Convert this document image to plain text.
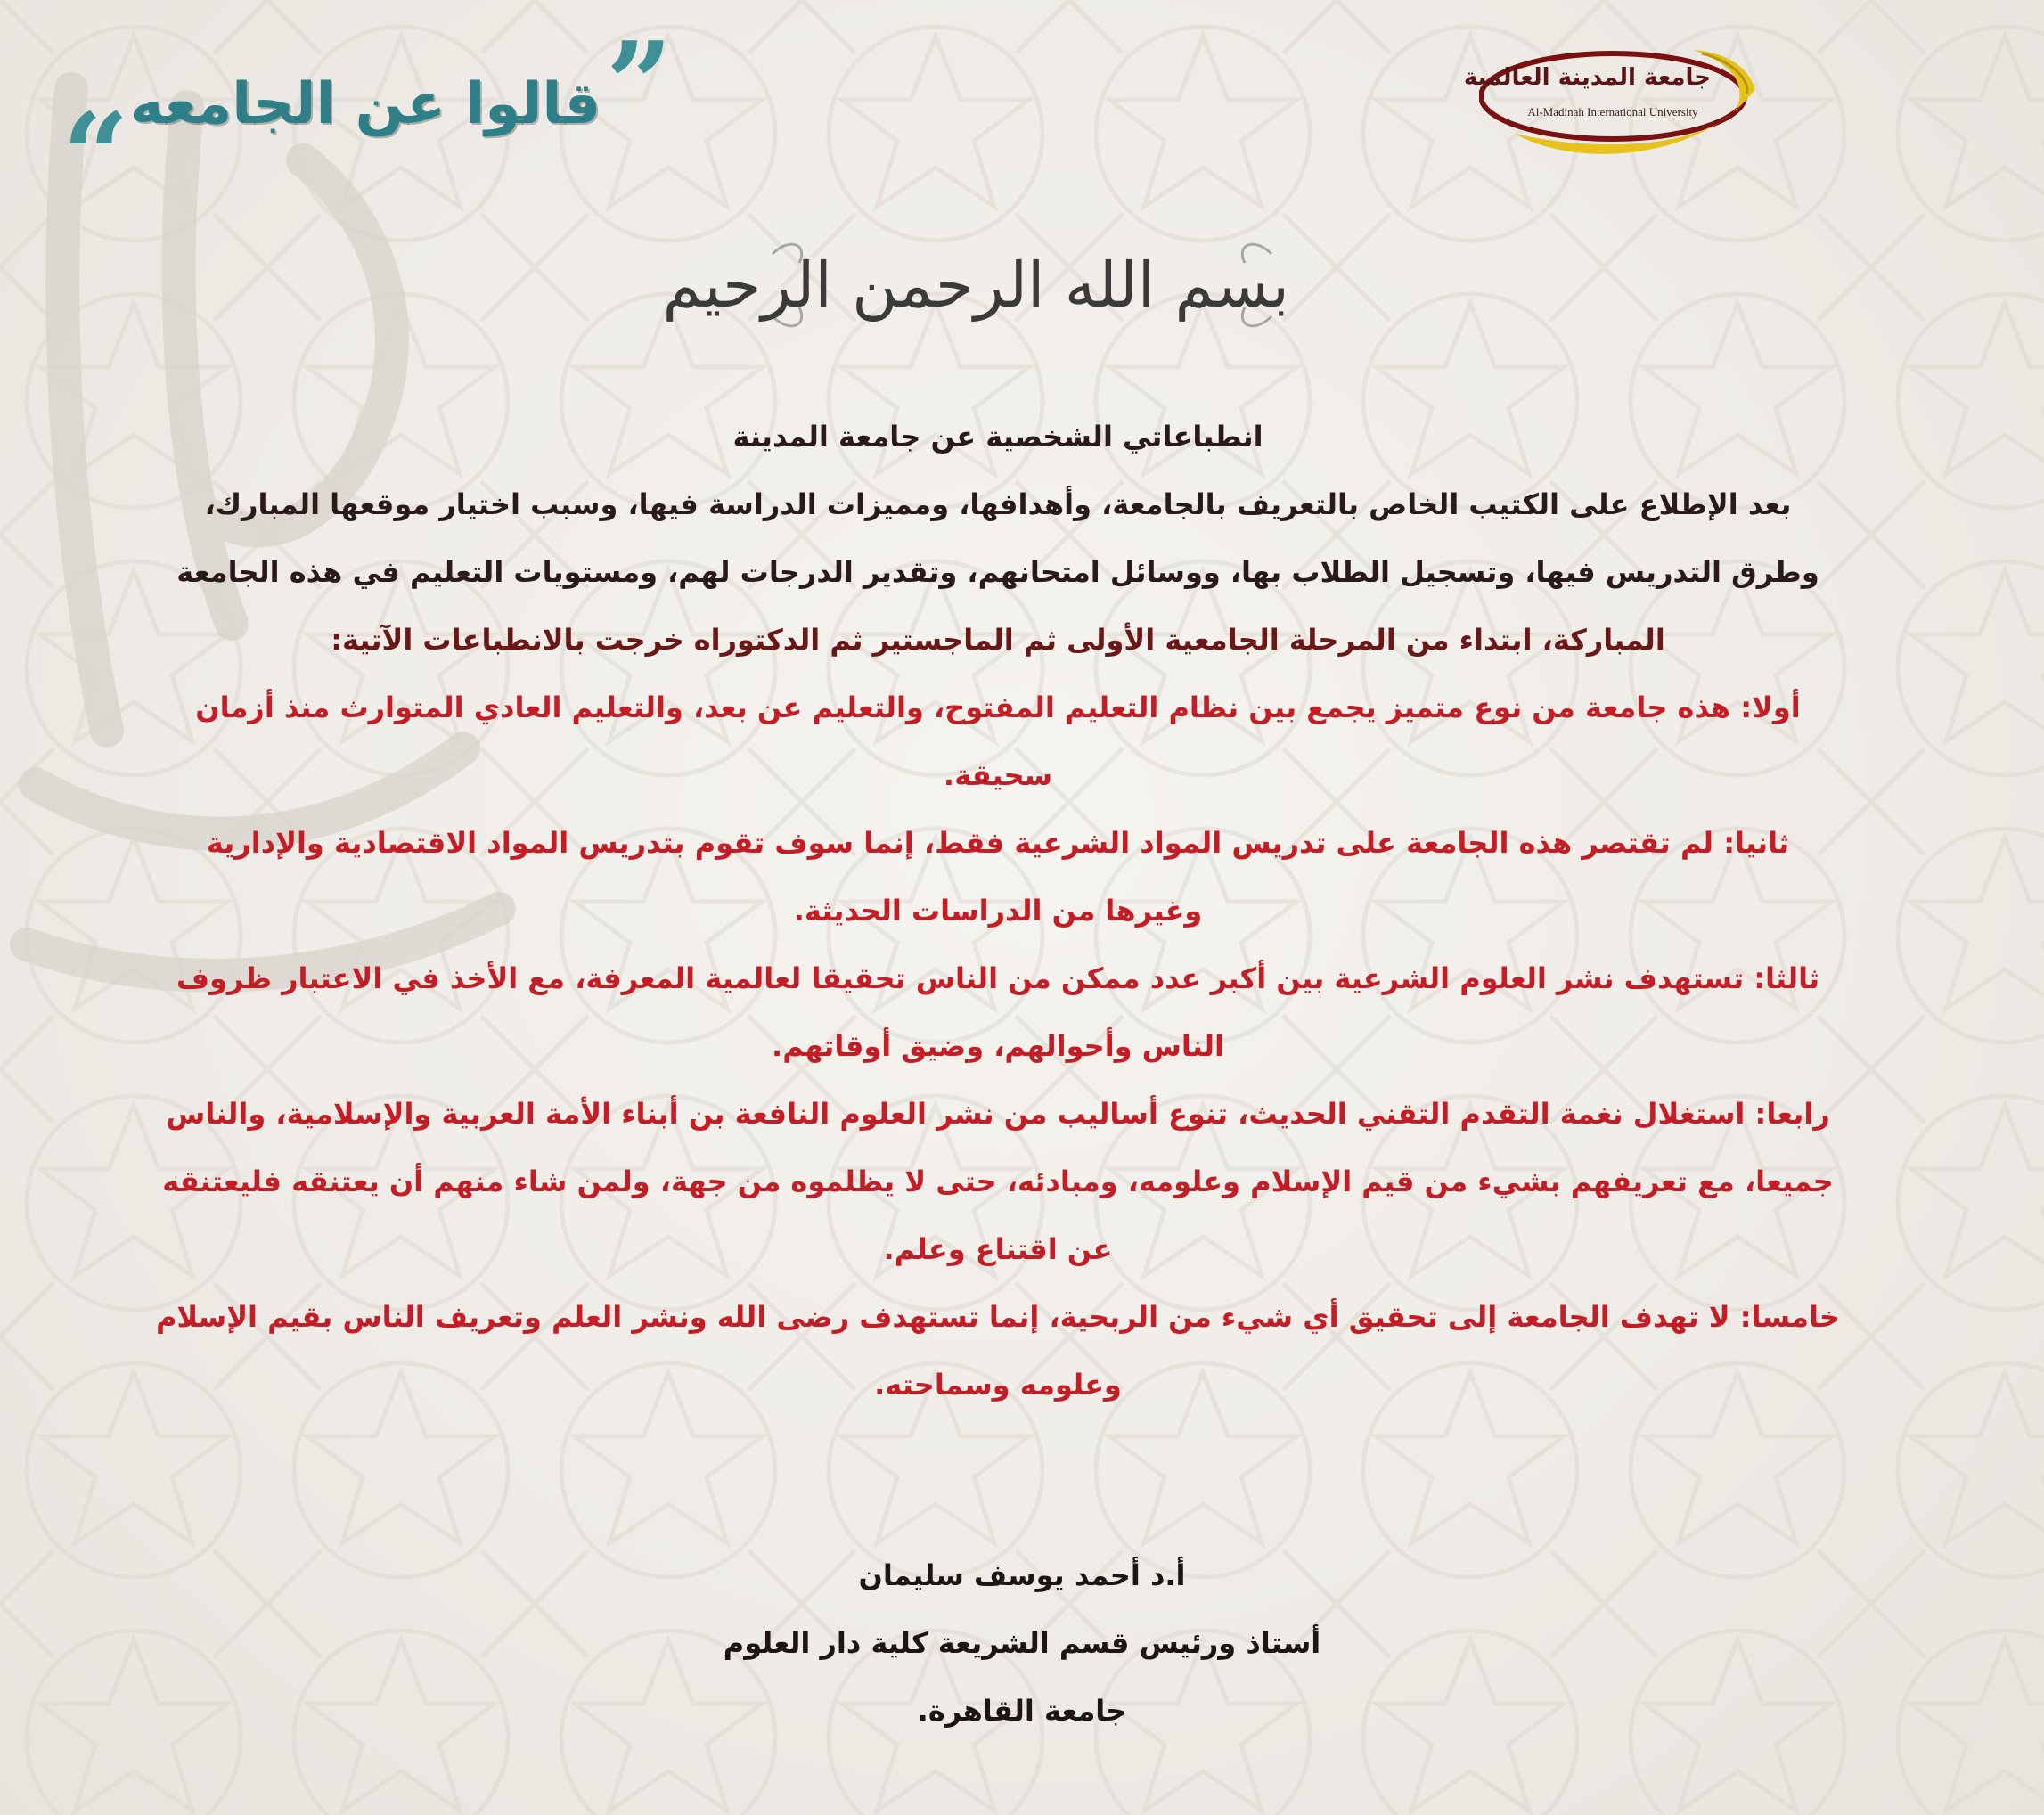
”
قالوا عن الجامعه
“
جامعة المدينة العالمية
Al-Madinah International University
بسم الله الرحمن الرحيم

انطباعاتي الشخصية عن جامعة المدينة

بعد الإطلاع على الكتيب الخاص بالتعريف بالجامعة، وأهدافها، ومميزات الدراسة فيها، وسبب اختيار موقعها المبارك،

وطرق التدريس فيها، وتسجيل الطلاب بها، ووسائل امتحانهم، وتقدير الدرجات لهم، ومستويات التعليم في هذه الجامعة

المباركة، ابتداء من المرحلة الجامعية الأولى ثم الماجستير ثم الدكتوراه خرجت بالانطباعات الآتية:

أولا: هذه جامعة من نوع متميز يجمع بين نظام التعليم المفتوح، والتعليم عن بعد، والتعليم العادي المتوارث منذ أزمان

سحيقة.

ثانيا: لم تقتصر هذه الجامعة على تدريس المواد الشرعية فقط، إنما سوف تقوم بتدريس المواد الاقتصادية والإدارية

وغيرها من الدراسات الحديثة.

ثالثا: تستهدف نشر العلوم الشرعية بين أكبر عدد ممكن من الناس تحقيقا لعالمية المعرفة، مع الأخذ في الاعتبار ظروف

الناس وأحوالهم، وضيق أوقاتهم.

رابعا: استغلال نغمة التقدم التقني الحديث، تنوع أساليب من نشر العلوم النافعة بن أبناء الأمة العربية والإسلامية، والناس

جميعا، مع تعريفهم بشيء من قيم الإسلام وعلومه، ومبادئه، حتى لا يظلموه من جهة، ولمن شاء منهم أن يعتنقه فليعتنقه

عن اقتناع وعلم.

خامسا: لا تهدف الجامعة إلى تحقيق أي شيء من الربحية، إنما تستهدف رضى الله ونشر العلم وتعريف الناس بقيم الإسلام

وعلومه وسماحته.

أ.د أحمد يوسف سليمان

أستاذ ورئيس قسم الشريعة كلية دار العلوم

جامعة القاهرة.
